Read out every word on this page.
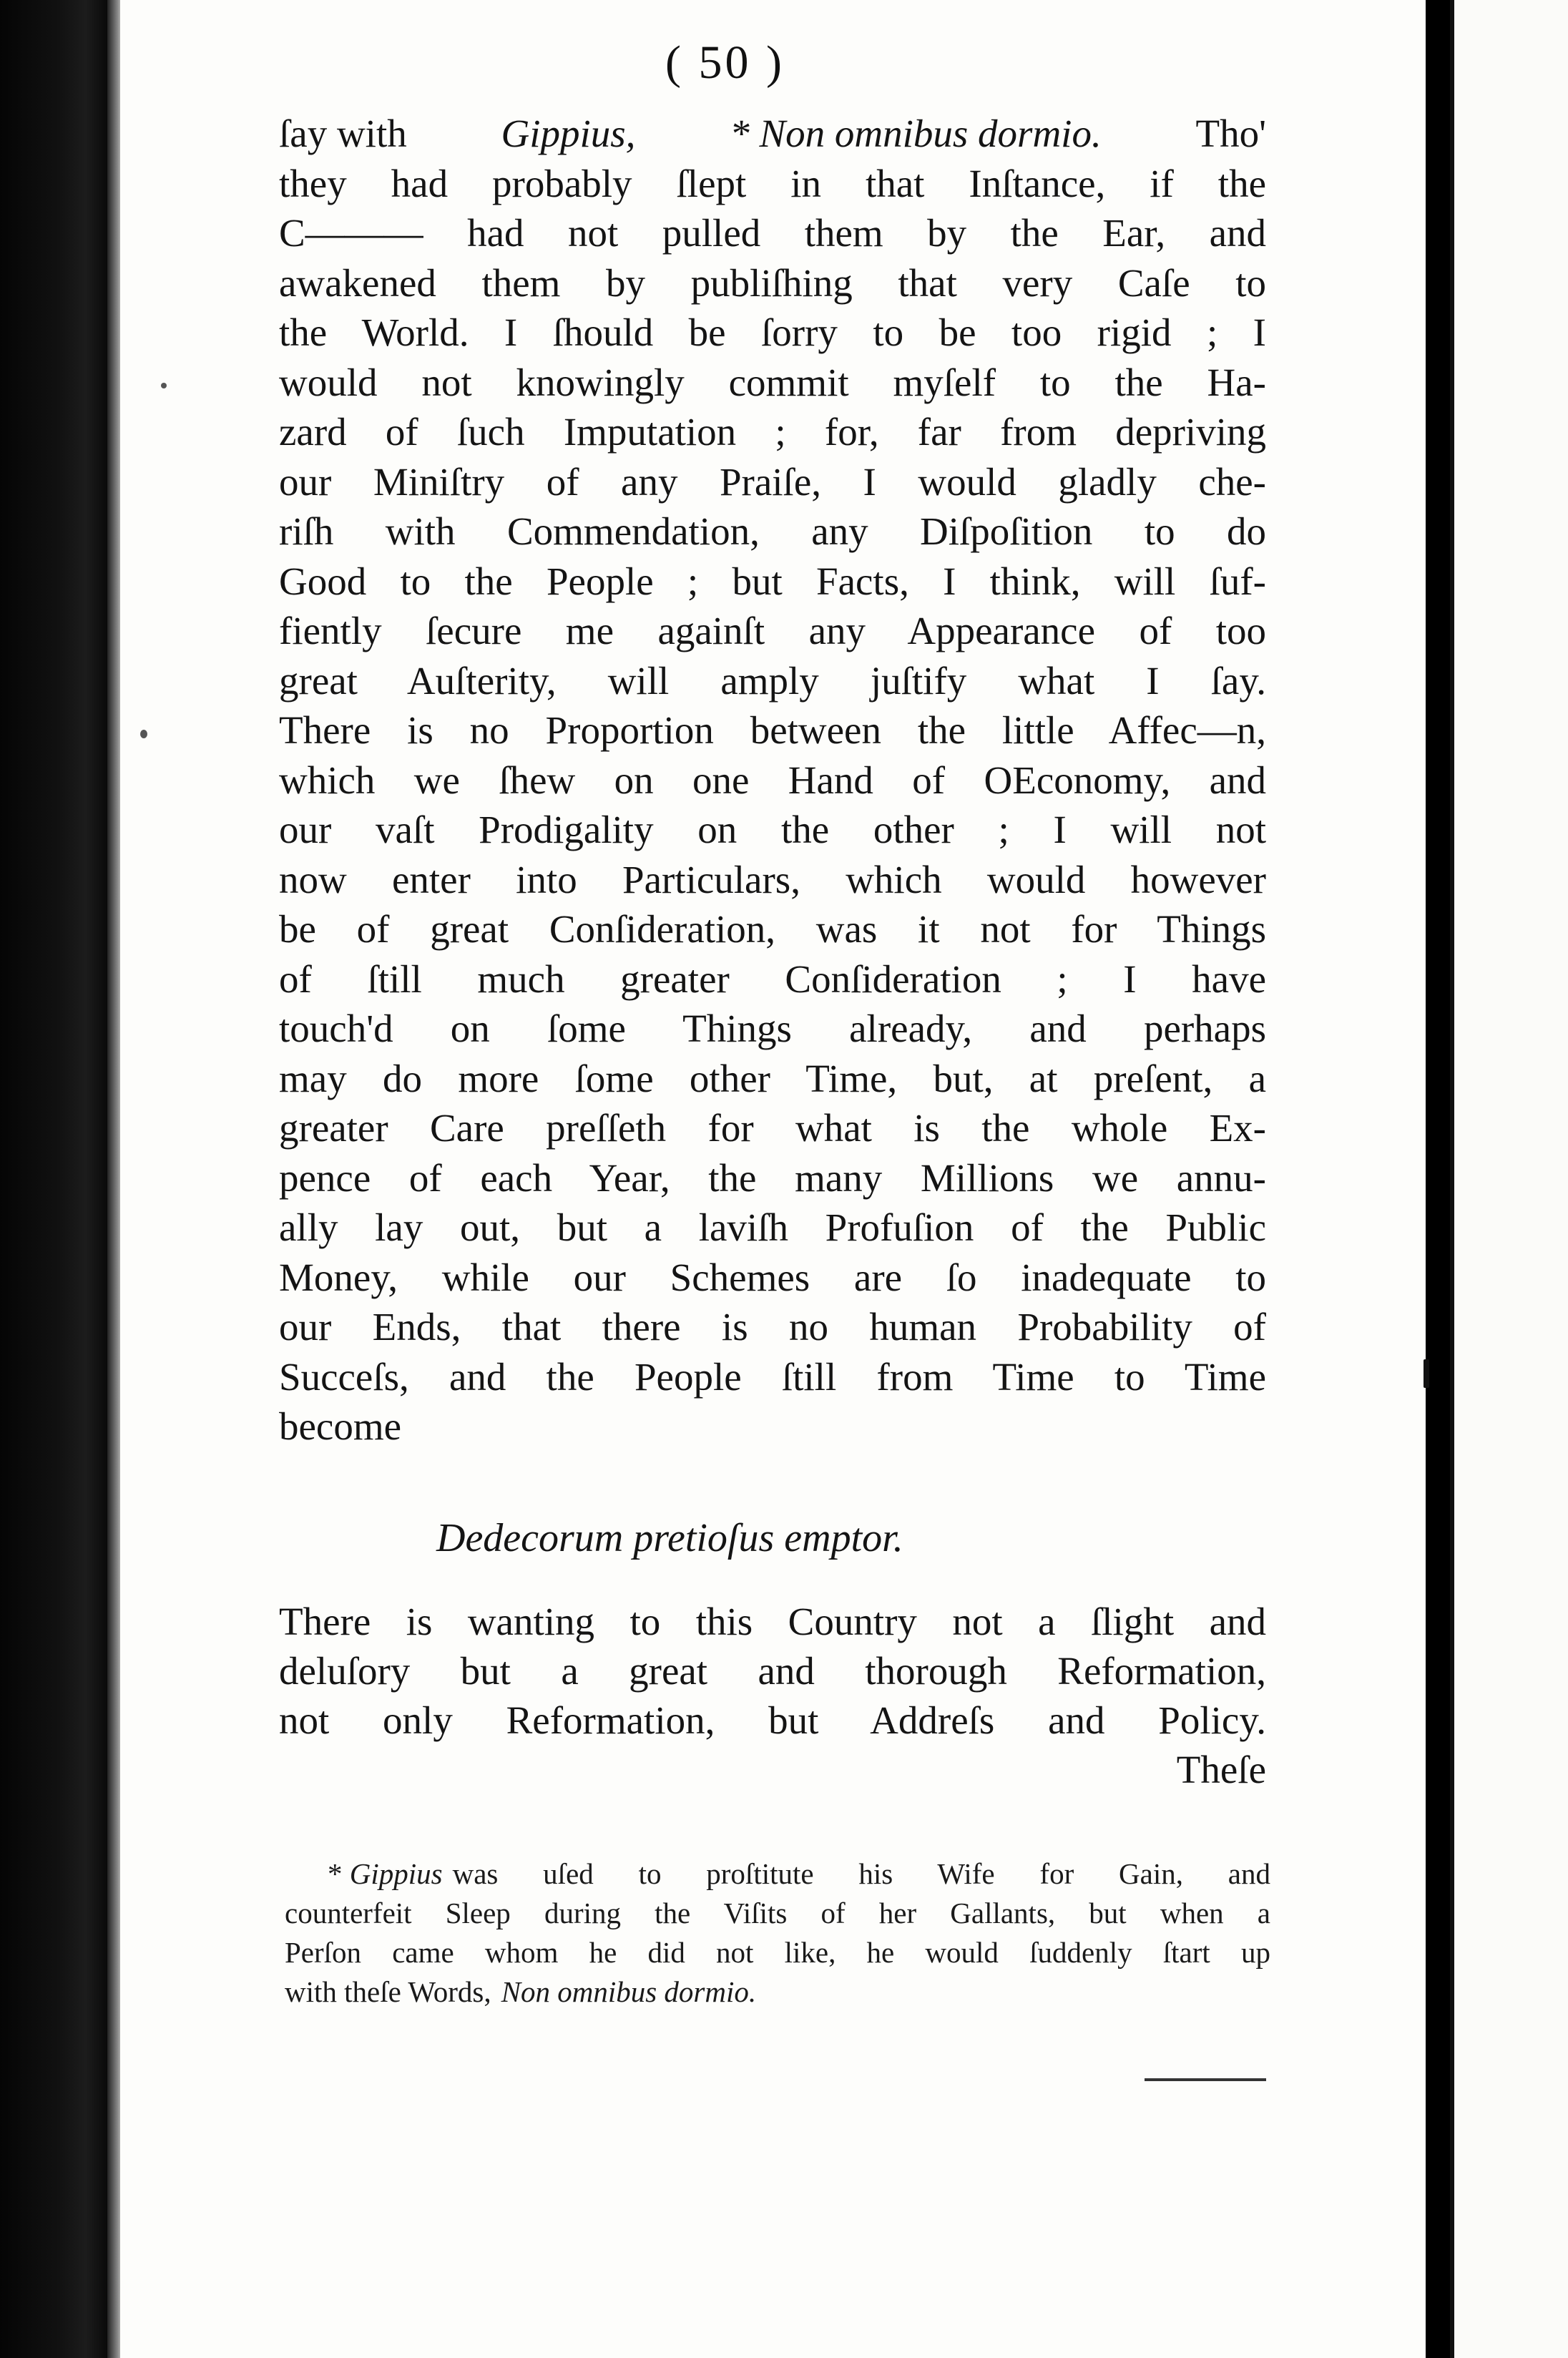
( 50 )
ſay with Gippius, * Non omnibus dormio. Tho'
they had probably ſlept in that Inſtance, if the
C——— had not pulled them by the Ear, and
awakened them by publiſhing that very Caſe to
the World. I ſhould be ſorry to be too rigid ; I
would not knowingly commit myſelf to the Ha-
zard of ſuch Imputation ; for, far from depriving
our Miniſtry of any Praiſe, I would gladly che-
riſh with Commendation, any Diſpoſition to do
Good to the People ; but Facts, I think, will ſuf-
fiently ſecure me againſt any Appearance of too
great Auſterity, will amply juſtify what I ſay.
There is no Proportion between the little Affec—n,
which we ſhew on one Hand of OEconomy, and
our vaſt Prodigality on the other ; I will not
now enter into Particulars, which would however
be of great Conſideration, was it not for Things
of ſtill much greater Conſideration ; I have
touch'd on ſome Things already, and perhaps
may do more ſome other Time, but, at preſent, a
greater Care preſſeth for what is the whole Ex-
pence of each Year, the many Millions we annu-
ally lay out, but a laviſh Profuſion of the Public
Money, while our Schemes are ſo inadequate to
our Ends, that there is no human Probability of
Succeſs, and the People ſtill from Time to Time
become
Dedecorum pretioſus emptor.
There is wanting to this Country not a ſlight and
deluſory but a great and thorough Reformation,
not only Reformation, but Addreſs and Policy.
Theſe
* Gippius was uſed to proſtitute his Wife for Gain, and
counterfeit Sleep during the Viſits of her Gallants, but when a
Perſon came whom he did not like, he would ſuddenly ſtart up
with theſe Words, Non omnibus dormio.
